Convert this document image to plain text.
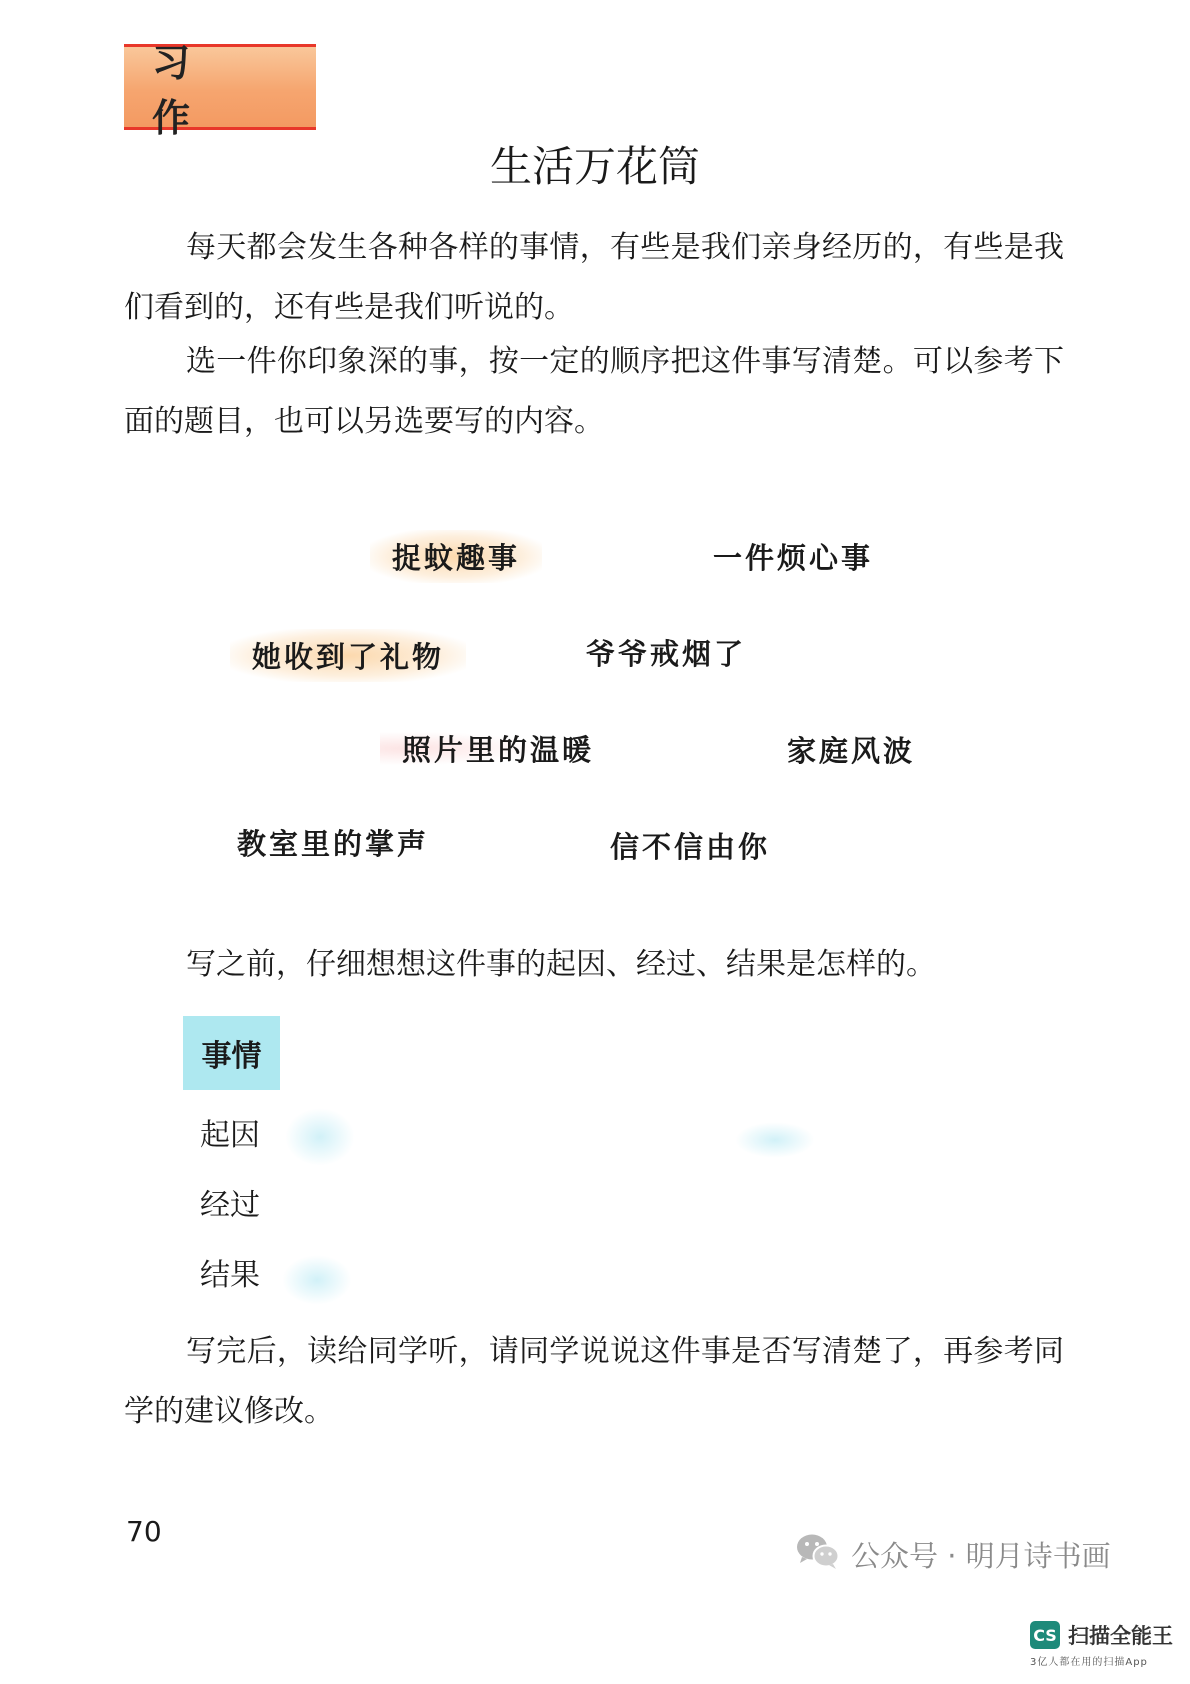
习 作
生活万花筒
每天都会发生各种各样的事情，有些是我们亲身经历的，有些是我们看到的，还有些是我们听说的。
选一件你印象深的事，按一定的顺序把这件事写清楚。可以参考下面的题目，也可以另选要写的内容。
捉蚊趣事	一件烦心事
她收到了礼物	爷爷戒烟了
照片里的温暖	家庭风波
教室里的掌声	信不信由你
写之前，仔细想想这件事的起因、经过、结果是怎样的。
事情
起因
经过
结果
写完后，读给同学听，请同学说说这件事是否写清楚了，再参考同学的建议修改。
70
公众号 · 明月诗书画
CS 扫描全能王
3亿人都在用的扫描App
